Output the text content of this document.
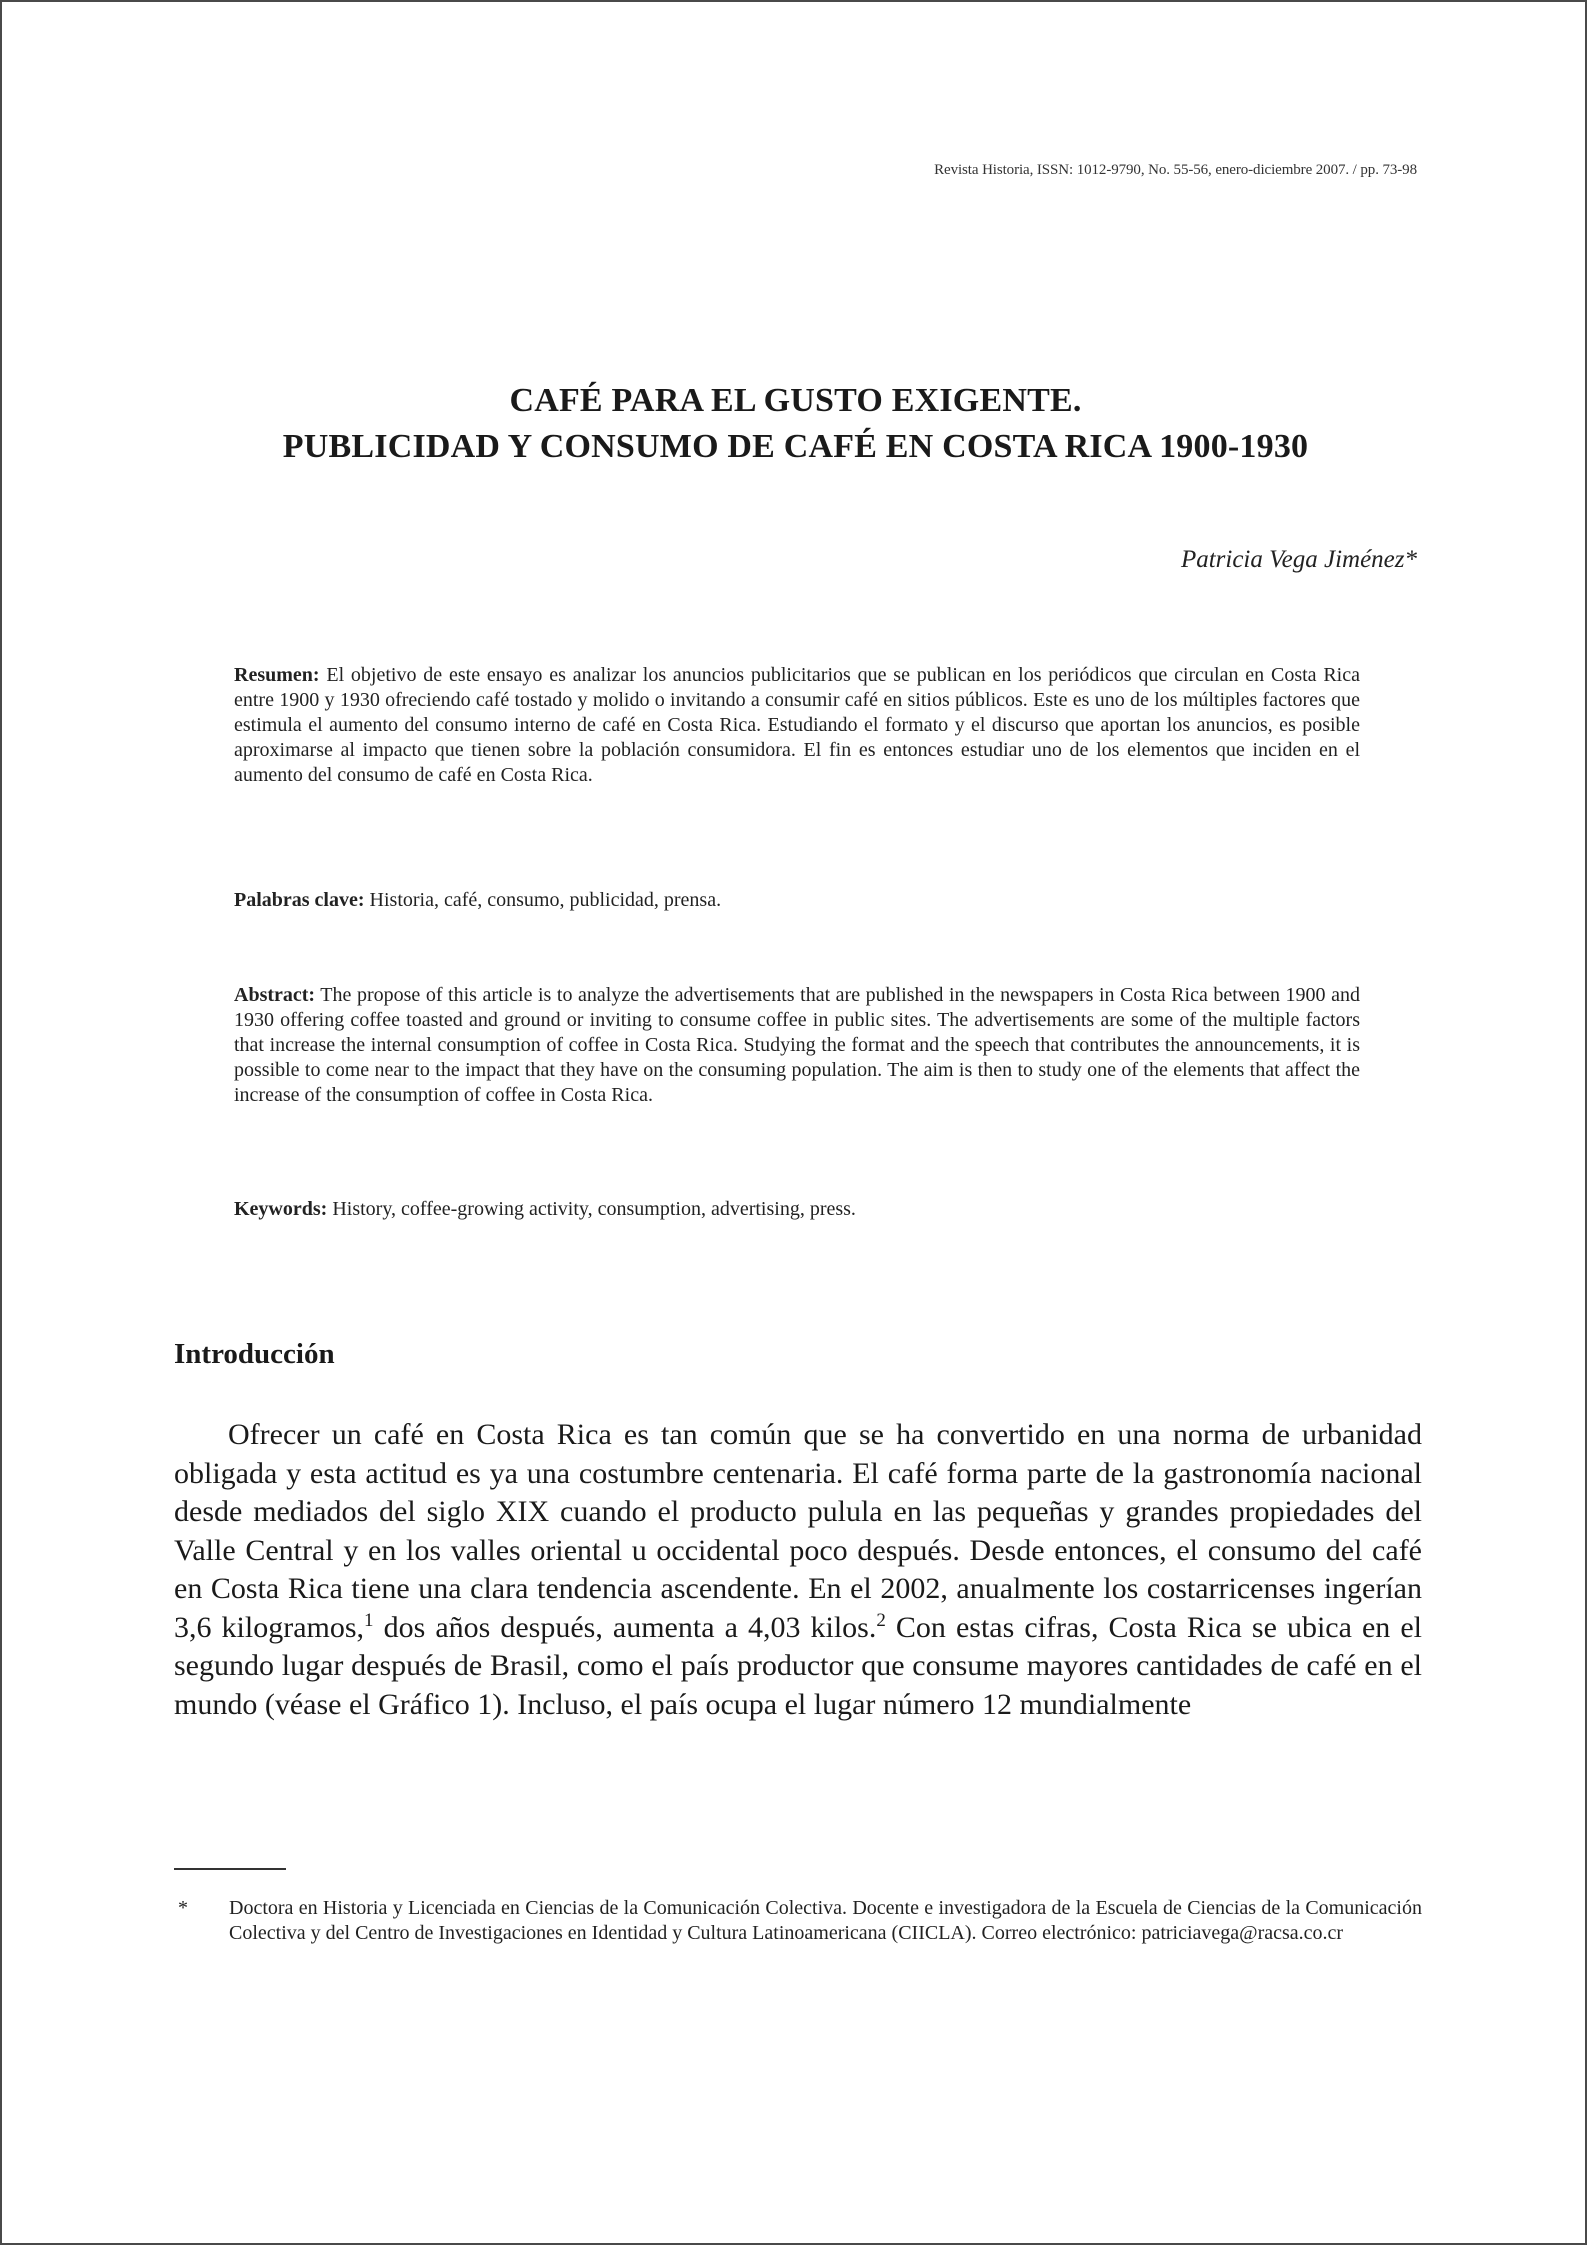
Revista Historia, ISSN: 1012-9790, No. 55-56, enero-diciembre 2007. / pp. 73-98
CAFÉ PARA EL GUSTO EXIGENTE.
PUBLICIDAD Y CONSUMO DE CAFÉ EN COSTA RICA 1900-1930
Patricia Vega Jiménez*
Resumen: El objetivo de este ensayo es analizar los anuncios publicitarios que se publican en los periódicos que circulan en Costa Rica entre 1900 y 1930 ofreciendo café tostado y molido o invitando a consumir café en sitios públicos. Este es uno de los múltiples factores que estimula el aumento del consumo interno de café en Costa Rica. Estudiando el formato y el discurso que aportan los anuncios, es posible aproximarse al impacto que tienen sobre la población consumidora. El fin es entonces estudiar uno de los elementos que inciden en el aumento del consumo de café en Costa Rica.
Palabras clave: Historia, café, consumo, publicidad, prensa.
Abstract: The propose of this article is to analyze the advertisements that are published in the newspapers in Costa Rica between 1900 and 1930 offering coffee toasted and ground or inviting to consume coffee in public sites. The advertisements are some of the multiple factors that increase the internal consumption of coffee in Costa Rica. Studying the format and the speech that contributes the announcements, it is possible to come near to the impact that they have on the consuming population. The aim is then to study one of the elements that affect the increase of the consumption of coffee in Costa Rica.
Keywords: History, coffee-growing activity, consumption, advertising, press.
Introducción
Ofrecer un café en Costa Rica es tan común que se ha convertido en una norma de urbanidad obligada y esta actitud es ya una costumbre centenaria. El café forma parte de la gastronomía nacional desde mediados del siglo XIX cuando el producto pulula en las pequeñas y grandes propiedades del Valle Central y en los valles oriental u occidental poco después. Desde entonces, el consumo del café en Costa Rica tiene una clara tendencia ascendente. En el 2002, anualmente los costarricenses ingerían 3,6 kilogramos,$^1$ dos años después, aumenta a 4,03 kilos.$^2$ Con estas cifras, Costa Rica se ubica en el segundo lugar después de Brasil, como el país productor que consume mayores cantidades de café en el mundo (véase el Gráfico 1). Incluso, el país ocupa el lugar número 12 mundialmente
* Doctora en Historia y Licenciada en Ciencias de la Comunicación Colectiva. Docente e investigadora de la Escuela de Ciencias de la Comunicación Colectiva y del Centro de Investigaciones en Identidad y Cultura Latinoamericana (CIICLA). Correo electrónico: patriciavega@racsa.co.cr
